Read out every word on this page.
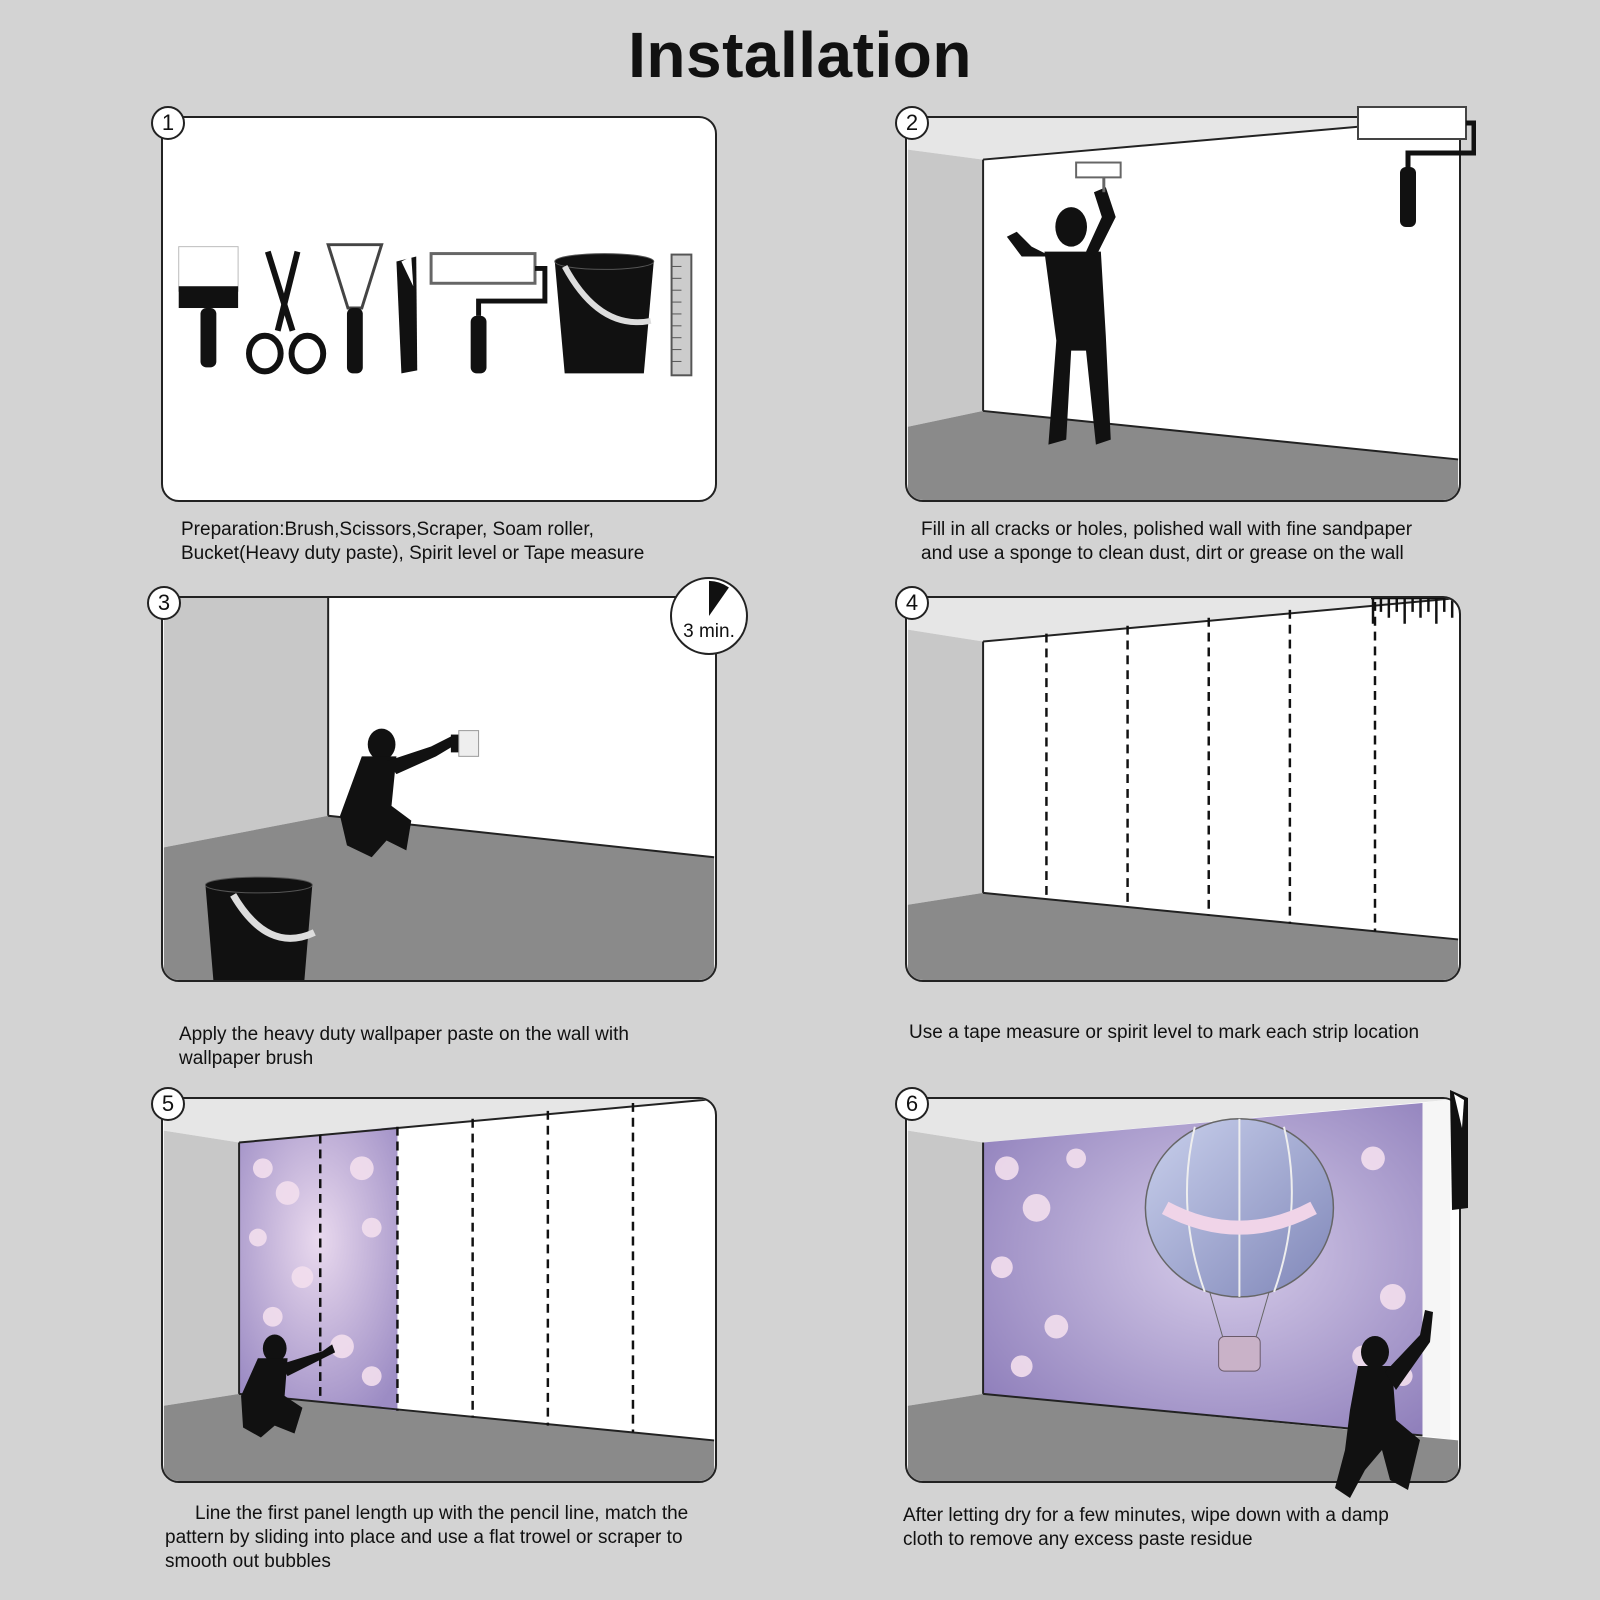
Installation
1
Preparation:Brush,Scissors,Scraper, Soam roller,
Bucket(Heavy duty paste), Spirit level or Tape measure
2
Fill in all cracks or holes, polished wall with fine sandpaper
and use a sponge to clean dust, dirt or grease on the wall
3 min.
3
Apply the heavy duty wallpaper paste on the wall with
wallpaper brush
4
Use a tape measure or spirit level to mark each strip location
5
Line the first panel length up with the pencil line, match the
pattern by sliding into place and use a flat trowel or scraper to
smooth out bubbles
6
After letting dry for a few minutes, wipe down with a damp
cloth to remove any excess paste residue
